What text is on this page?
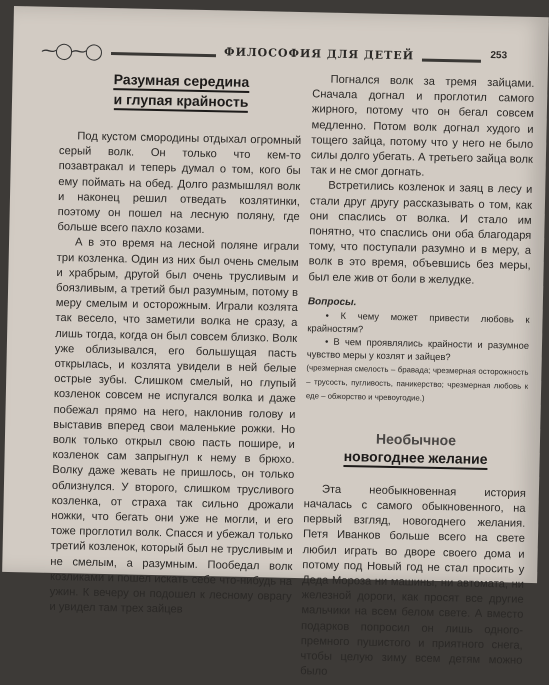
⁓◯⁓◯	ФИЛОСОФИЯ ДЛЯ ДЕТЕЙ	253
Разумная середина
и глупая крайность

Под кустом смородины отдыхал огромный серый волк. Он только что кем-то позавтракал и теперь думал о том, кого бы ему поймать на обед. Долго размышлял волк и наконец решил отведать козлятинки, поэтому он пошел на лесную поляну, где больше всего пахло козами.

А в это время на лесной поляне играли три козленка. Один из них был очень смелым и храбрым, другой был очень трусливым и боязливым, а третий был разумным, потому в меру смелым и осторожным. Играли козлята так весело, что заметили волка не сразу, а лишь тогда, когда он был совсем близко. Волк уже облизывался, его большущая пасть открылась, и козлята увидели в ней белые острые зубы. Слишком смелый, но глупый козленок совсем не испугался волка и даже побежал прямо на него, наклонив голову и выставив вперед свои маленькие рожки. Но волк только открыл свою пасть пошире, и козленок сам запрыгнул к нему в брюхо. Волку даже жевать не пришлось, он только облизнулся. У второго, слишком трусливого козленка, от страха так сильно дрожали ножки, что бегать они уже не могли, и его тоже проглотил волк. Спасся и убежал только третий козленок, который был не трусливым и не смелым, а разумным. Пообедал волк козликами и пошел искать себе что-нибудь на ужин. К вечеру он подошел к лесному оврагу и увидел там трех зайцев

Погнался волк за тремя зайцами. Сначала догнал и проглотил самого жирного, потому что он бегал совсем медленно. Потом волк догнал худого и тощего зайца, потому что у него не было силы долго убегать. А третьего зайца волк так и не смог догнать.

Встретились козленок и заяц в лесу и стали друг другу рассказывать о том, как они спаслись от волка. И стало им понятно, что спаслись они оба благодаря тому, что поступали разумно и в меру, а волк в это время, объевшись без меры, был еле жив от боли в желудке.

Вопросы.

• К чему может привести любовь к крайностям?

• В чем проявлялись крайности и разумное чувство меры у козлят и зайцев?

(чрезмерная смелость – бравада; чрезмерная осторожность – трусость, пугливость, паникерство; чрезмерная любовь к еде – обжорство и чревоугодие.)
Необычное
новогоднее желание

Эта необыкновенная история началась с самого обыкновенного, на первый взгляд, новогоднего желания. Петя Иванков больше всего на свете любил играть во дворе своего дома и потому под Новый год не стал просить у Деда Мороза ни машины, ни автомата, ни железной дороги, как просят все другие мальчики на всем белом свете. А вместо подарков попросил он лишь одного-премного пушистого и приятного снега, чтобы целую зиму всем детям можно было
